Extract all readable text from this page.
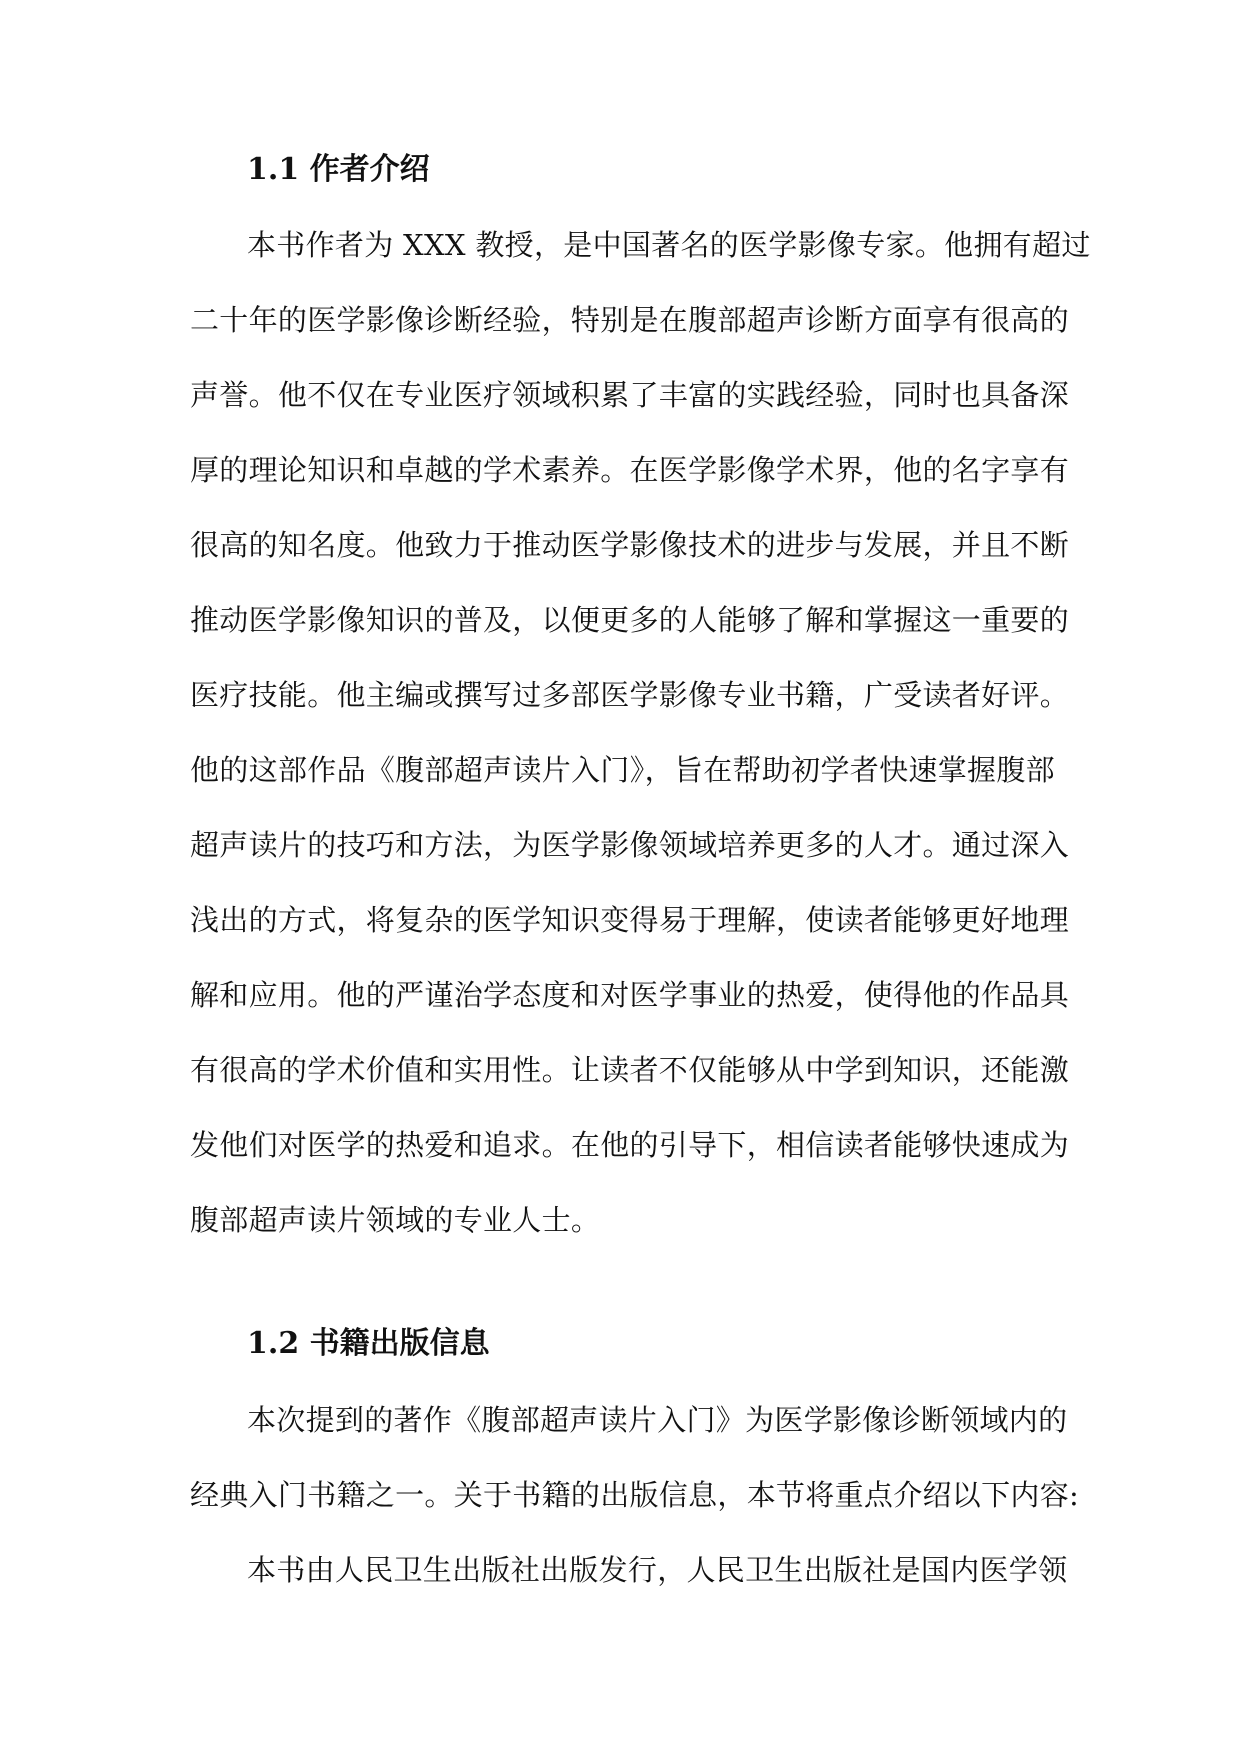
1.1 作者介绍
本书作者为 XXX 教授，是中国著名的医学影像专家。他拥有超过
二十年的医学影像诊断经验，特别是在腹部超声诊断方面享有很高的
声誉。他不仅在专业医疗领域积累了丰富的实践经验，同时也具备深
厚的理论知识和卓越的学术素养。在医学影像学术界，他的名字享有
很高的知名度。他致力于推动医学影像技术的进步与发展，并且不断
推动医学影像知识的普及，以便更多的人能够了解和掌握这一重要的
医疗技能。他主编或撰写过多部医学影像专业书籍，广受读者好评。
他的这部作品《腹部超声读片入门》，旨在帮助初学者快速掌握腹部
超声读片的技巧和方法，为医学影像领域培养更多的人才。通过深入
浅出的方式，将复杂的医学知识变得易于理解，使读者能够更好地理
解和应用。他的严谨治学态度和对医学事业的热爱，使得他的作品具
有很高的学术价值和实用性。让读者不仅能够从中学到知识，还能激
发他们对医学的热爱和追求。在他的引导下，相信读者能够快速成为
腹部超声读片领域的专业人士。
1.2 书籍出版信息
本次提到的著作《腹部超声读片入门》为医学影像诊断领域内的
经典入门书籍之一。关于书籍的出版信息，本节将重点介绍以下内容:
本书由人民卫生出版社出版发行，人民卫生出版社是国内医学领
